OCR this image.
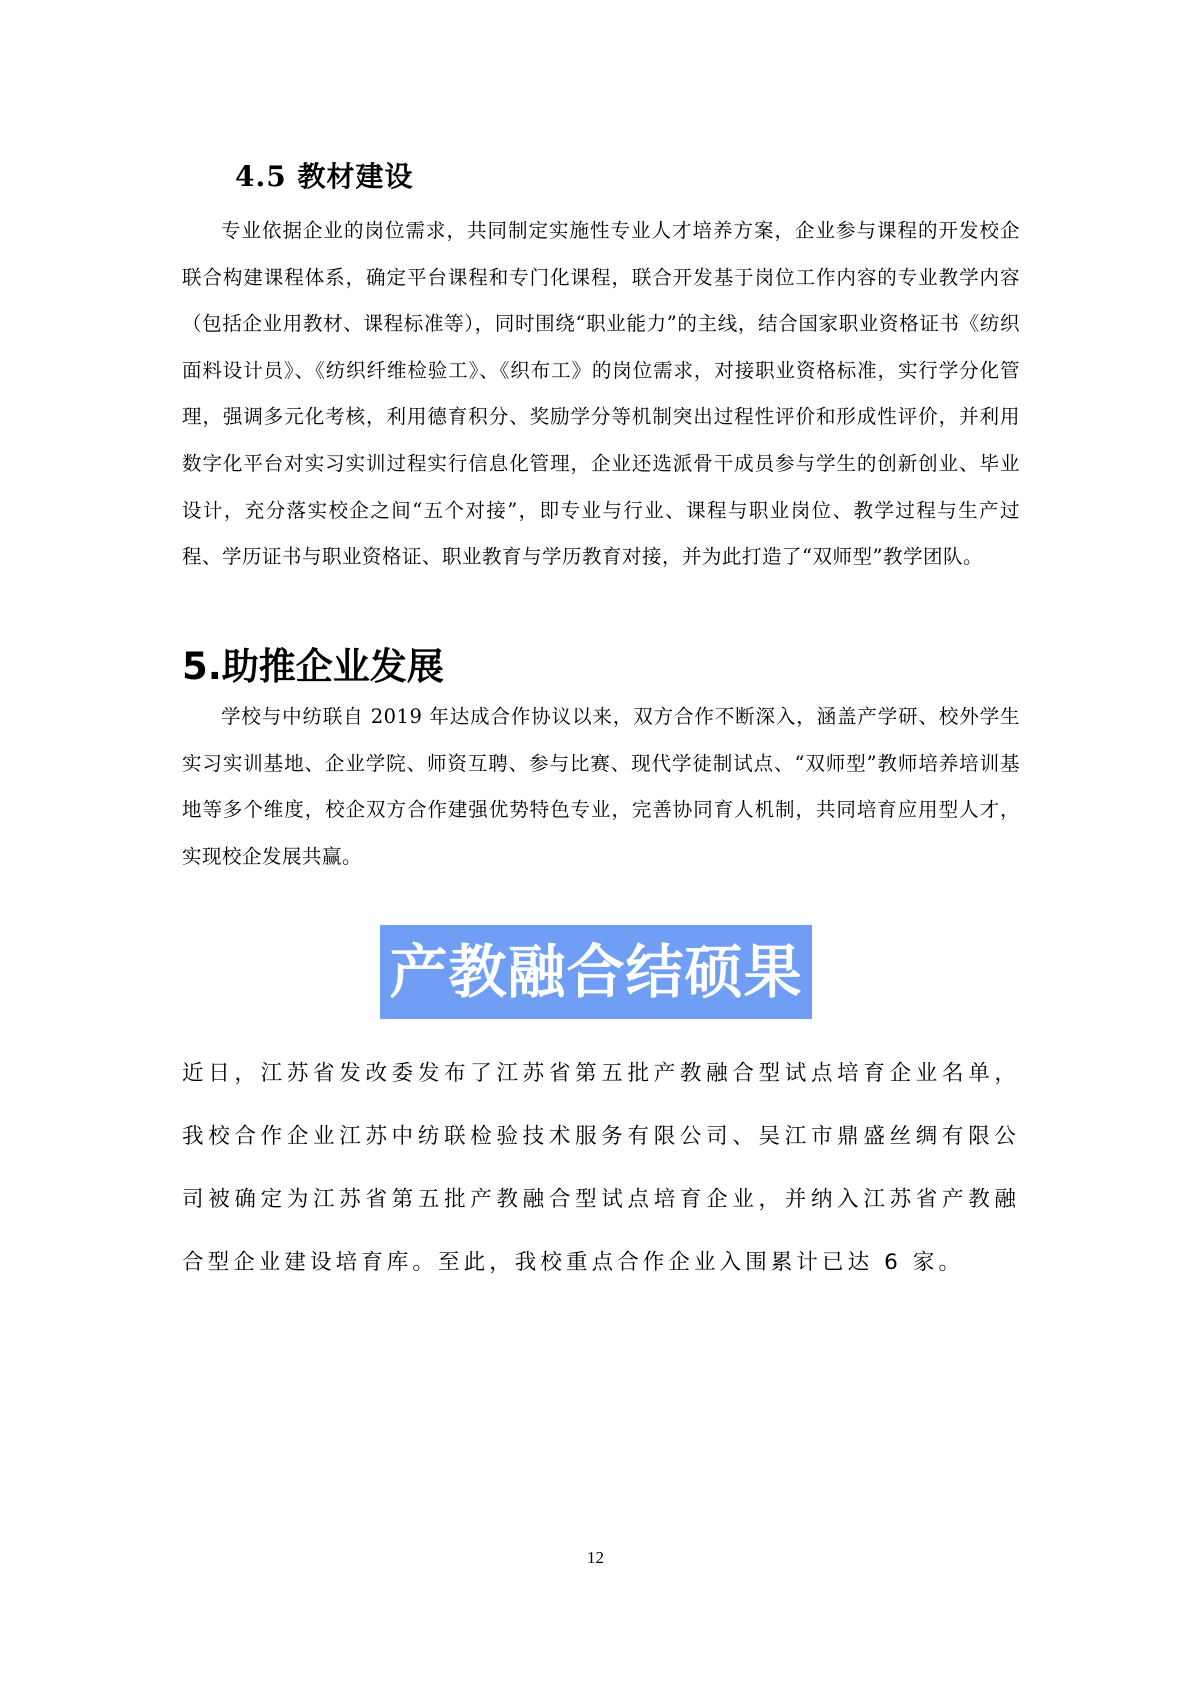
4.5 教材建设

专业依据企业的岗位需求，共同制定实施性专业人才培养方案，企业参与课程的开发校企联合构建课程体系，确定平台课程和专门化课程，联合开发基于岗位工作内容的专业教学内容（包括企业用教材、课程标准等），同时围绕“职业能力”的主线，结合国家职业资格证书《纺织面料设计员》、《纺织纤维检验工》、《织布工》的岗位需求，对接职业资格标准，实行学分化管理，强调多元化考核，利用德育积分、奖励学分等机制突出过程性评价和形成性评价，并利用数字化平台对实习实训过程实行信息化管理，企业还选派骨干成员参与学生的创新创业、毕业设计，充分落实校企之间“五个对接”，即专业与行业、课程与职业岗位、教学过程与生产过程、学历证书与职业资格证、职业教育与学历教育对接，并为此打造了“双师型”教学团队。

5.助推企业发展

学校与中纺联自 2019 年达成合作协议以来，双方合作不断深入，涵盖产学研、校外学生实习实训基地、企业学院、师资互聘、参与比赛、现代学徒制试点、“双师型”教师培养培训基地等多个维度，校企双方合作建强优势特色专业，完善协同育人机制，共同培育应用型人才，实现校企发展共赢。

产教融合结硕果

近日，江苏省发改委发布了江苏省第五批产教融合型试点培育企业名单，我校合作企业江苏中纺联检验技术服务有限公司、吴江市鼎盛丝绸有限公司被确定为江苏省第五批产教融合型试点培育企业，并纳入江苏省产教融合型企业建设培育库。至此，我校重点合作企业入围累计已达 6 家。

12
